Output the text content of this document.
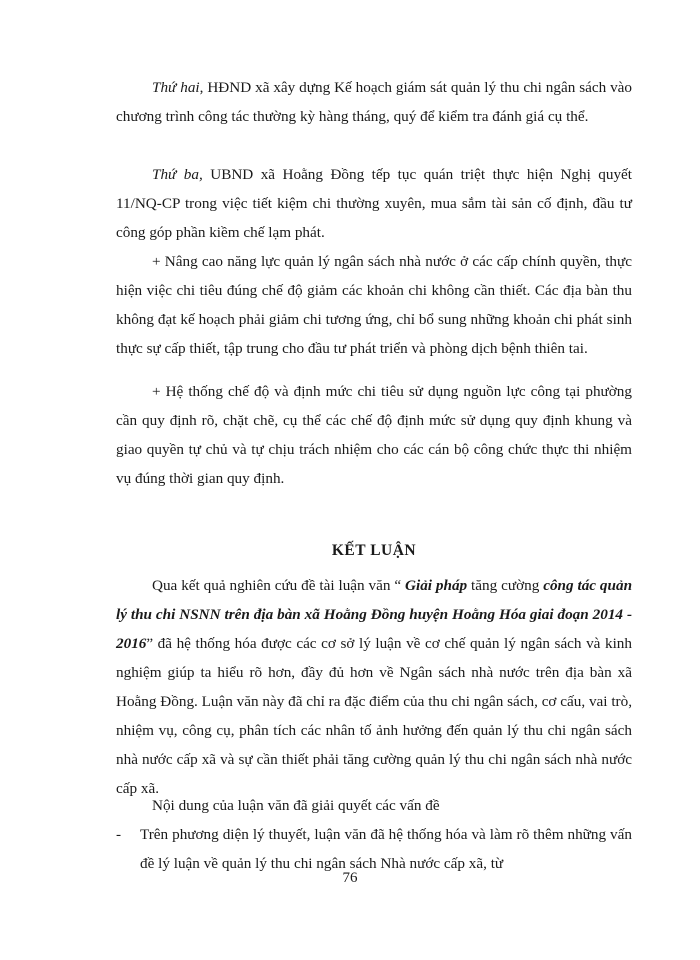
Thứ hai, HĐND xã xây dựng Kế hoạch giám sát quản lý thu chi ngân sách vào chương trình công tác thường kỳ hàng tháng, quý để kiểm tra đánh giá cụ thể.

Thứ ba, UBND xã Hoằng Đồng tếp tục quán triệt thực hiện Nghị quyết 11/NQ-CP trong việc tiết kiệm chi thường xuyên, mua sắm tài sản cố định, đầu tư công góp phần kiềm chế lạm phát.

+ Nâng cao năng lực quản lý ngân sách nhà nước ở các cấp chính quyền, thực hiện việc chi tiêu đúng chế độ giảm các khoản chi không cần thiết. Các địa bàn thu không đạt kế hoạch phải giảm chi tương ứng, chỉ bổ sung những khoản chi phát sinh thực sự cấp thiết, tập trung cho đầu tư phát triển và phòng dịch bệnh thiên tai.

+ Hệ thống chế độ và định mức chi tiêu sử dụng nguồn lực công tại phường cần quy định rõ, chặt chẽ, cụ thể các chế độ định mức sử dụng quy định khung và giao quyền tự chủ và tự chịu trách nhiệm cho các cán bộ công chức thực thi nhiệm vụ đúng thời gian quy định.

KẾT LUẬN

Qua kết quả nghiên cứu đề tài luận văn “ Giải pháp tăng cường công tác quản lý thu chi NSNN trên địa bàn xã Hoằng Đồng huyện Hoằng Hóa giai đoạn 2014 - 2016” đã hệ thống hóa được các cơ sở lý luận về cơ chế quản lý ngân sách và kinh nghiệm giúp ta hiểu rõ hơn, đầy đủ hơn về Ngân sách nhà nước trên địa bàn xã Hoằng Đồng. Luận văn này đã chỉ ra đặc điểm của thu chi ngân sách, cơ cấu, vai trò, nhiệm vụ, công cụ, phân tích các nhân tố ảnh hưởng đến quản lý thu chi ngân sách nhà nước cấp xã và sự cần thiết phải tăng cường quản lý thu chi ngân sách nhà nước cấp xã.

Nội dung của luận văn đã giải quyết các vấn đề

- Trên phương diện lý thuyết, luận văn đã hệ thống hóa và làm rõ thêm những vấn đề lý luận về quản lý thu chi ngân sách Nhà nước cấp xã, từ

76
